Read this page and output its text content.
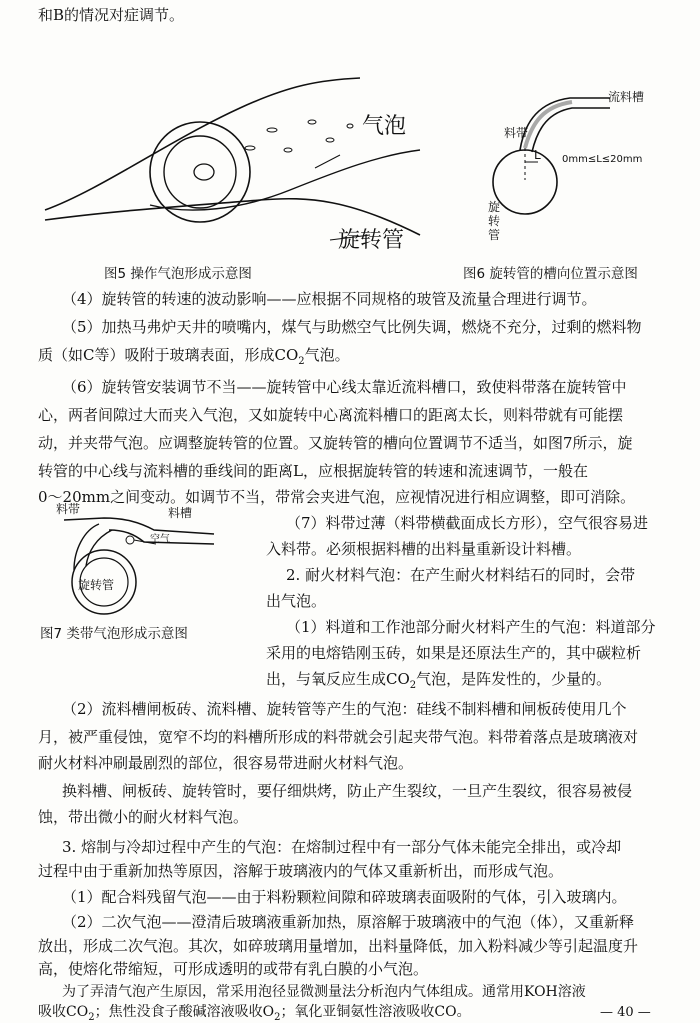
和B的情况对症调节。
气泡
旋转管
图5 操作气泡形成示意图
流料槽
料带
L 0mm≤L≤20mm
旋转管
图6 旋转管的槽向位置示意图
（4）旋转管的转速的波动影响——应根据不同规格的玻管及流量合理进行调节。
（5）加热马弗炉天井的喷嘴内，煤气与助燃空气比例失调，燃烧不充分，过剩的燃料物
质（如C等）吸附于玻璃表面，形成$CO_2$气泡。
（6）旋转管安装调节不当——旋转管中心线太靠近流料槽口，致使料带落在旋转管中
心，两者间隙过大而夹入气泡，又如旋转中心离流料槽口的距离太长，则料带就有可能摆
动，并夹带气泡。应调整旋转管的位置。又旋转管的槽向位置调节不适当，如图7所示，旋
转管的中心线与流料槽的垂线间的距离L，应根据旋转管的转速和流速调节，一般在
0～20mm之间变动。如调节不当，带常会夹进气泡，应视情况进行相应调整，即可消除。
料带	料槽
空气
旋转管
图7 类带气泡形成示意图
（7）料带过薄（料带横截面成长方形），空气很容易进
入料带。必须根据料槽的出料量重新设计料槽。
2. 耐火材料气泡：在产生耐火材料结石的同时，会带
出气泡。
（1）料道和工作池部分耐火材料产生的气泡：料道部分
采用的电熔锆刚玉砖，如果是还原法生产的，其中碳粒析
出，与氧反应生成$CO_2$气泡，是阵发性的，少量的。
（2）流料槽闸板砖、流料槽、旋转管等产生的气泡：硅线不制料槽和闸板砖使用几个
月，被严重侵蚀，宽窄不均的料槽所形成的料带就会引起夹带气泡。料带着落点是玻璃液对
耐火材料冲刷最剧烈的部位，很容易带进耐火材料气泡。
换料槽、闸板砖、旋转管时，要仔细烘烤，防止产生裂纹，一旦产生裂纹，很容易被侵
蚀，带出微小的耐火材料气泡。
3. 熔制与冷却过程中产生的气泡：在熔制过程中有一部分气体未能完全排出，或冷却
过程中由于重新加热等原因，溶解于玻璃液内的气体又重新析出，而形成气泡。
（1）配合料残留气泡——由于料粉颗粒间隙和碎玻璃表面吸附的气体，引入玻璃内。
（2）二次气泡——澄清后玻璃液重新加热，原溶解于玻璃液中的气泡（体），又重新释
放出，形成二次气泡。其次，如碎玻璃用量增加，出料量降低，加入粉料减少等引起温度升
高，使熔化带缩短，可形成透明的或带有乳白膜的小气泡。
为了弄清气泡产生原因，常采用泡径显微测量法分析泡内气体组成。通常用KOH溶液
吸收$CO_2$；焦性没食子酸碱溶液吸收$O_2$；氧化亚铜氨性溶液吸收CO。	— 40 —
